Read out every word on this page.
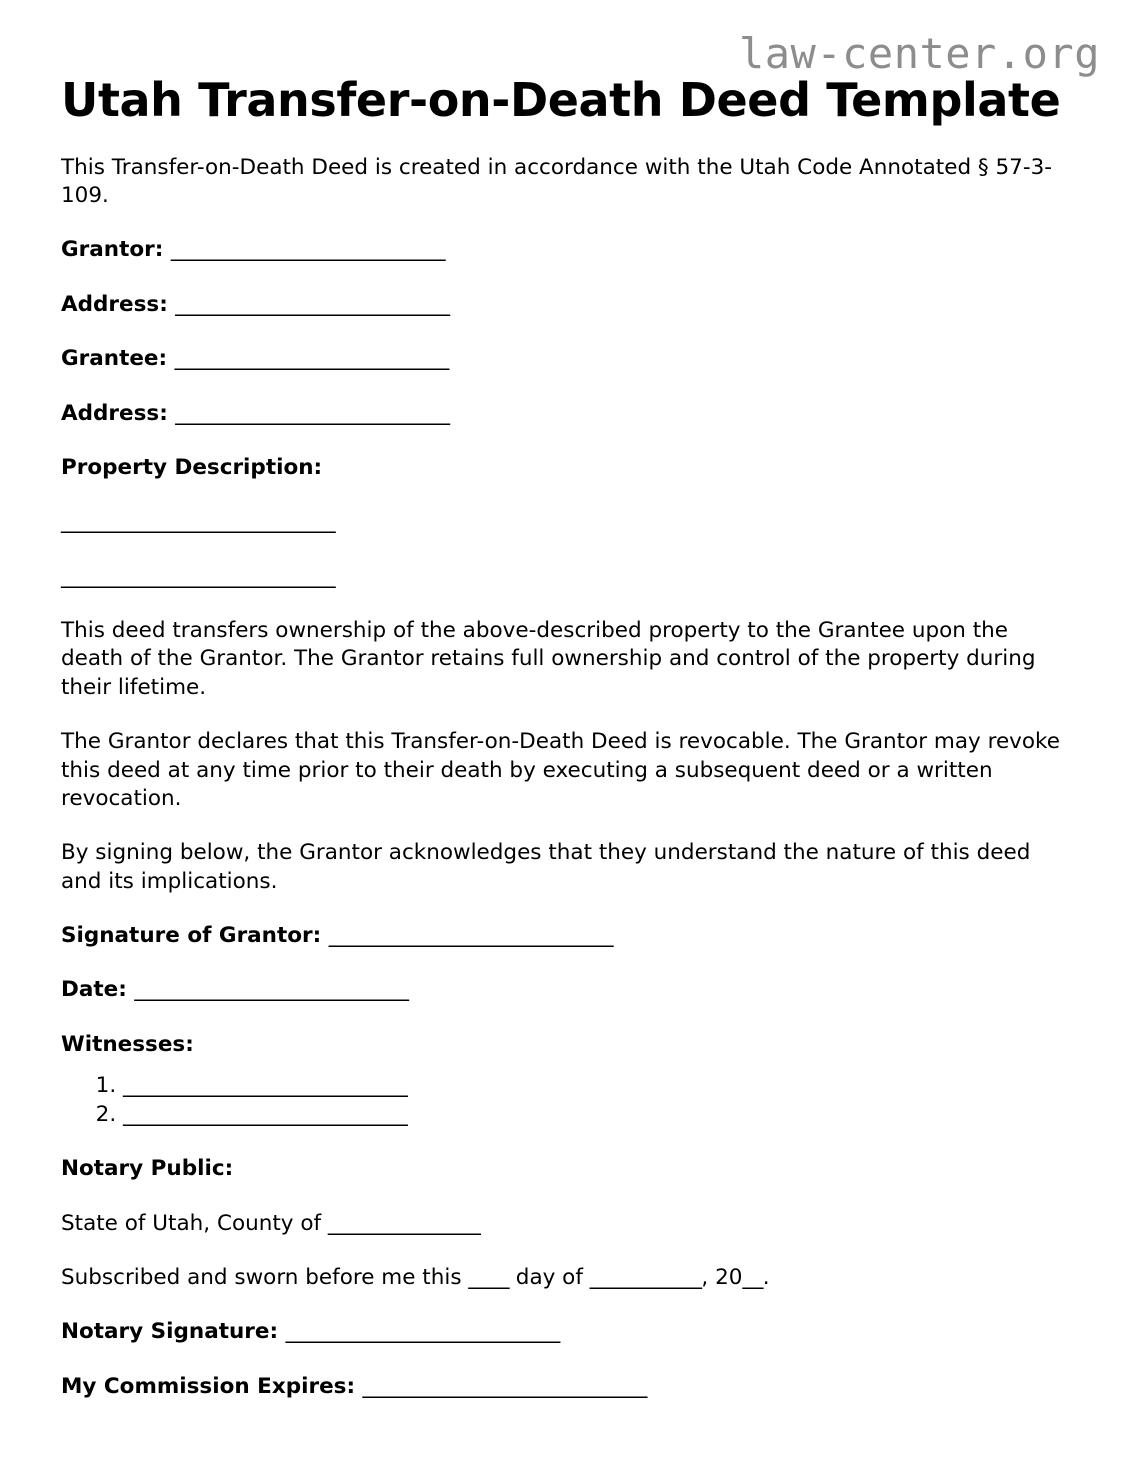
law-center.org
Utah Transfer-on-Death Deed Template

This Transfer-on-Death Deed is created in accordance with the Utah Code Annotated § 57-3-109.

Grantor: ___________________________

Address: ___________________________

Grantee: ___________________________

Address: ___________________________

Property Description:

___________________________
___________________________

This deed transfers ownership of the above-described property to the Grantee upon the death of the Grantor. The Grantor retains full ownership and control of the property during their lifetime.

The Grantor declares that this Transfer-on-Death Deed is revocable. The Grantor may revoke this deed at any time prior to their death by executing a subsequent deed or a written revocation.

By signing below, the Grantor acknowledges that they understand the nature of this deed and its implications.

Signature of Grantor: ____________________________

Date: ___________________________

Witnesses:

1. ____________________________
2. ____________________________

Notary Public:

State of Utah, County of _______________

Subscribed and sworn before me this ____ day of ___________, 20__.

Notary Signature: ___________________________

My Commission Expires: ____________________________
